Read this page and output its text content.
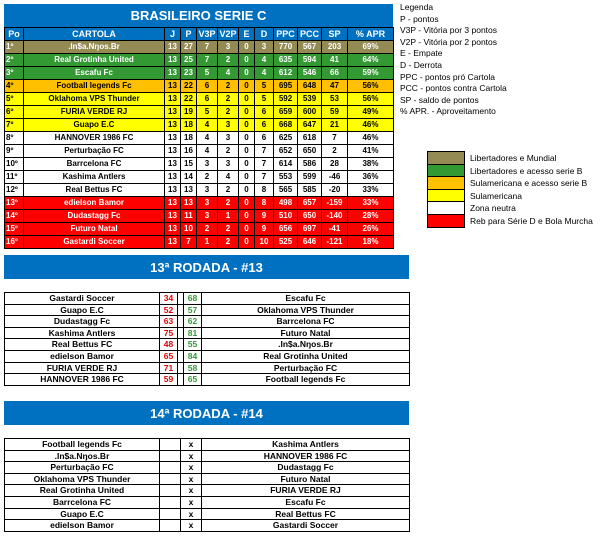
BRASILEIRO SERIE C
Po	CARTOLA	J	P	V3P	V2P	E	D	PPC	PCC	SP	% APR
1º	.In$a.Nŋos.Br	13	27	7	3	0	3	770	567	203	69%
2º	Real Grotinha United	13	25	7	2	0	4	635	594	41	64%
3º	Escafu Fc	13	23	5	4	0	4	612	546	66	59%
4º	Football legends Fc	13	22	6	2	0	5	695	648	47	56%
5º	Oklahoma VPS Thunder	13	22	6	2	0	5	592	539	53	56%
6º	FURIA VERDE RJ	13	19	5	2	0	6	659	600	59	49%
7º	Guapo E.C	13	18	4	3	0	6	668	647	21	46%
8º	HANNOVER 1986 FC	13	18	4	3	0	6	625	618	7	46%
9º	Perturbação FC	13	16	4	2	0	7	652	650	2	41%
10º	Barrcelona FC	13	15	3	3	0	7	614	586	28	38%
11º	Kashima Antlers	13	14	2	4	0	7	553	599	-46	36%
12º	Real Bettus FC	13	13	3	2	0	8	565	585	-20	33%
13º	edielson Bamor	13	13	3	2	0	8	498	657	-159	33%
14º	Dudastagg Fc	13	11	3	1	0	9	510	650	-140	28%
15º	Futuro Natal	13	10	2	2	0	9	656	697	-41	26%
16º	Gastardi Soccer	13	7	1	2	0	10	525	646	-121	18%
Legenda
P - pontos
V3P - Vitória por 3 pontos
V2P - Vitória por 2 pontos
E - Empate
D - Derrota
PPC - pontos pró Cartola
PCC - pontos contra Cartola
SP - saldo de pontos
% APR. - Aproveitamento
Libertadores e Mundial
Libertadores e acesso serie B
Sulamericana e acesso serie B
Sulamericana
Zona neutra
Reb para Série D e Bola Murcha
13ª RODADA - #13
Gastardi Soccer	34		68	Escafu Fc
Guapo E.C	52		57	Oklahoma VPS Thunder
Dudastagg Fc	63		62	Barrcelona FC
Kashima Antlers	75		81	Futuro Natal
Real Bettus FC	48		55	.In$a.Nŋos.Br
edielson Bamor	65		84	Real Grotinha United
FURIA VERDE RJ	71		58	Perturbação FC
HANNOVER 1986 FC	59		65	Football legends Fc
14ª RODADA - #14
Football legends Fc		x	Kashima Antlers
.In$a.Nŋos.Br		x	HANNOVER 1986 FC
Perturbação FC		x	Dudastagg Fc
Oklahoma VPS Thunder		x	Futuro Natal
Real Grotinha United		x	FURIA VERDE RJ
Barrcelona FC		x	Escafu Fc
Guapo E.C		x	Real Bettus FC
edielson Bamor		x	Gastardi Soccer
